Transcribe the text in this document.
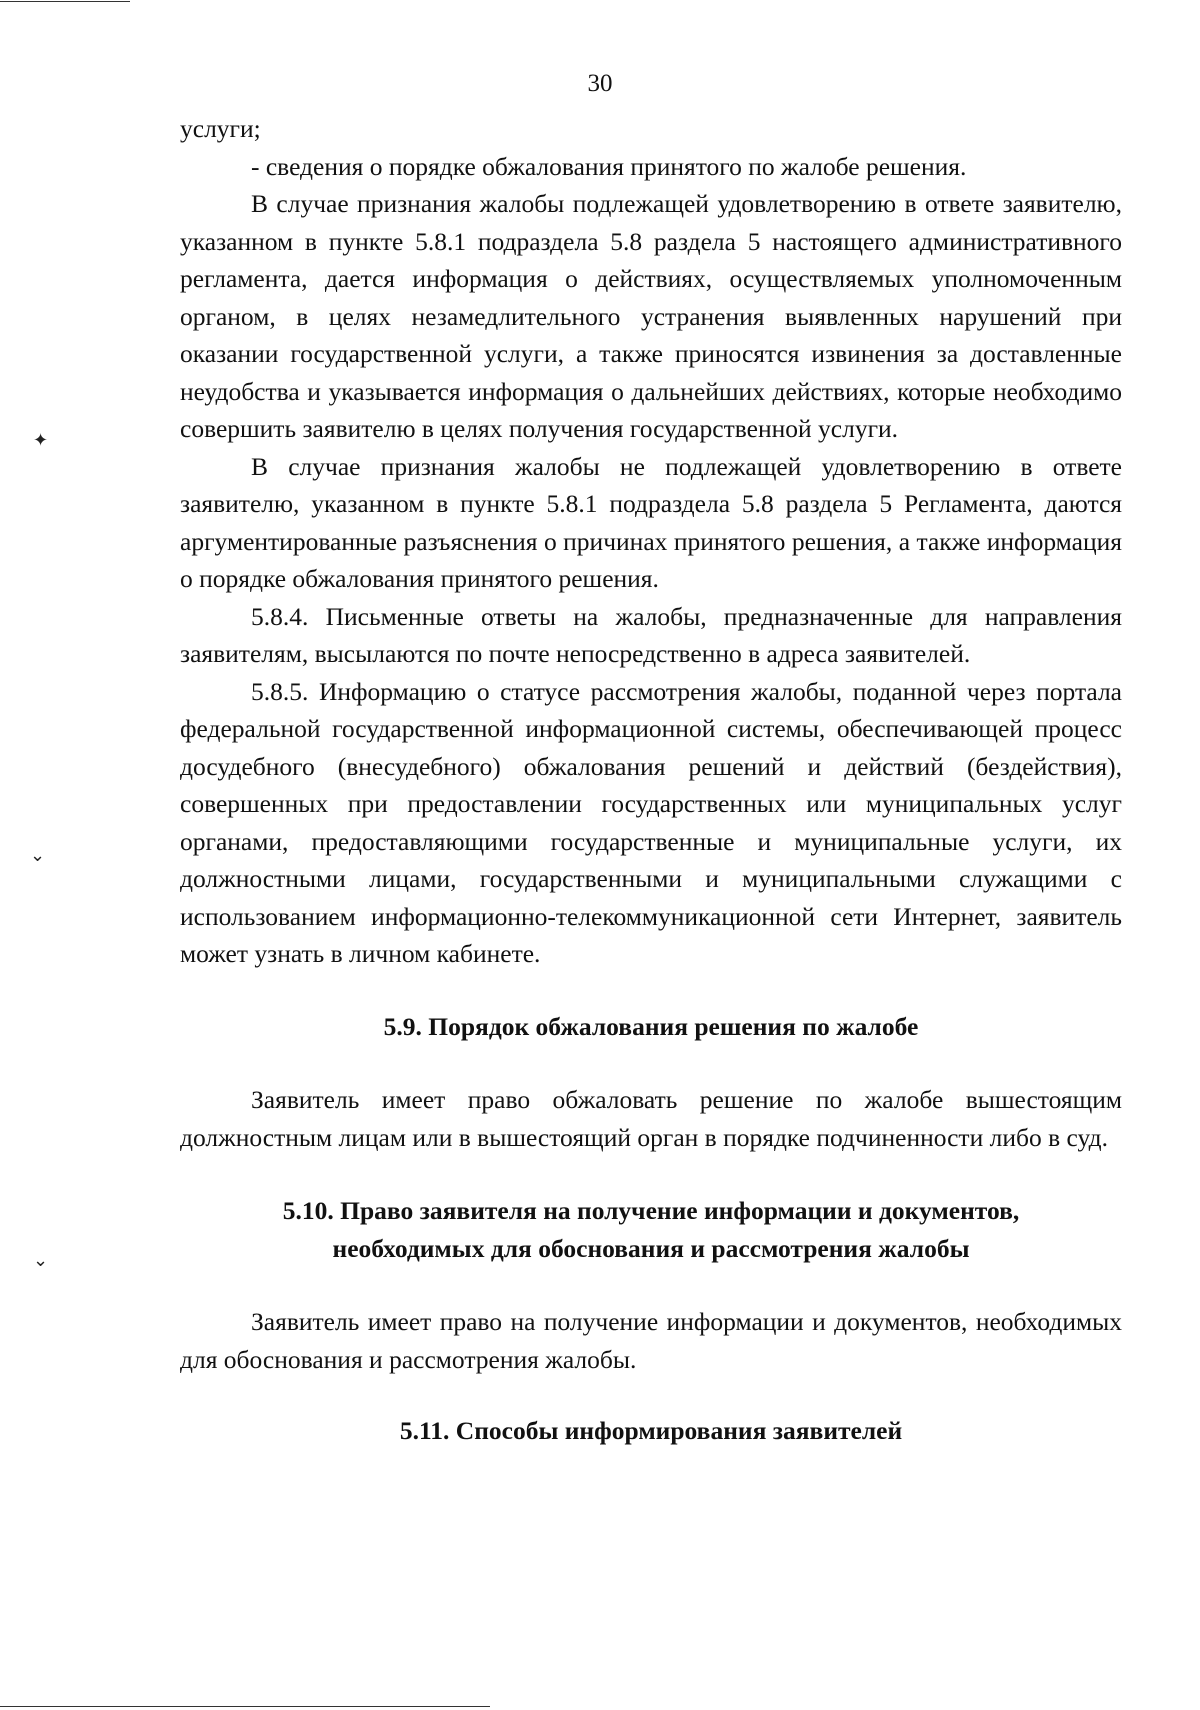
✦
⌄
⌄
30

услуги;

- сведения о порядке обжалования принятого по жалобе решения.

В случае признания жалобы подлежащей удовлетворению в ответе заявителю, указанном в пункте 5.8.1 подраздела 5.8 раздела 5 настоящего административного регламента, дается информация о действиях, осуществляемых уполномоченным органом, в целях незамедлительного устранения выявленных нарушений при оказании государственной услуги, а также приносятся извинения за доставленные неудобства и указывается информация о дальнейших действиях, которые необходимо совершить заявителю в целях получения государственной услуги.

В случае признания жалобы не подлежащей удовлетворению в ответе заявителю, указанном в пункте 5.8.1 подраздела 5.8 раздела 5 Регламента, даются аргументированные разъяснения о причинах принятого решения, а также информация о порядке обжалования принятого решения.

5.8.4. Письменные ответы на жалобы, предназначенные для направления заявителям, высылаются по почте непосредственно в адреса заявителей.

5.8.5. Информацию о статусе рассмотрения жалобы, поданной через портала федеральной государственной информационной системы, обеспечивающей процесс досудебного (внесудебного) обжалования решений и действий (бездействия), совершенных при предоставлении государственных или муниципальных услуг органами, предоставляющими государственные и муниципальные услуги, их должностными лицами, государственными и муниципальными служащими с использованием информационно-телекоммуникационной сети Интернет, заявитель может узнать в личном кабинете.

5.9. Порядок обжалования решения по жалобе

Заявитель имеет право обжаловать решение по жалобе вышестоящим должностным лицам или в вышестоящий орган в порядке подчиненности либо в суд.

5.10. Право заявителя на получение информации и документов,
необходимых для обоснования и рассмотрения жалобы

Заявитель имеет право на получение информации и документов, необходимых для обоснования и рассмотрения жалобы.

5.11. Способы информирования заявителей
